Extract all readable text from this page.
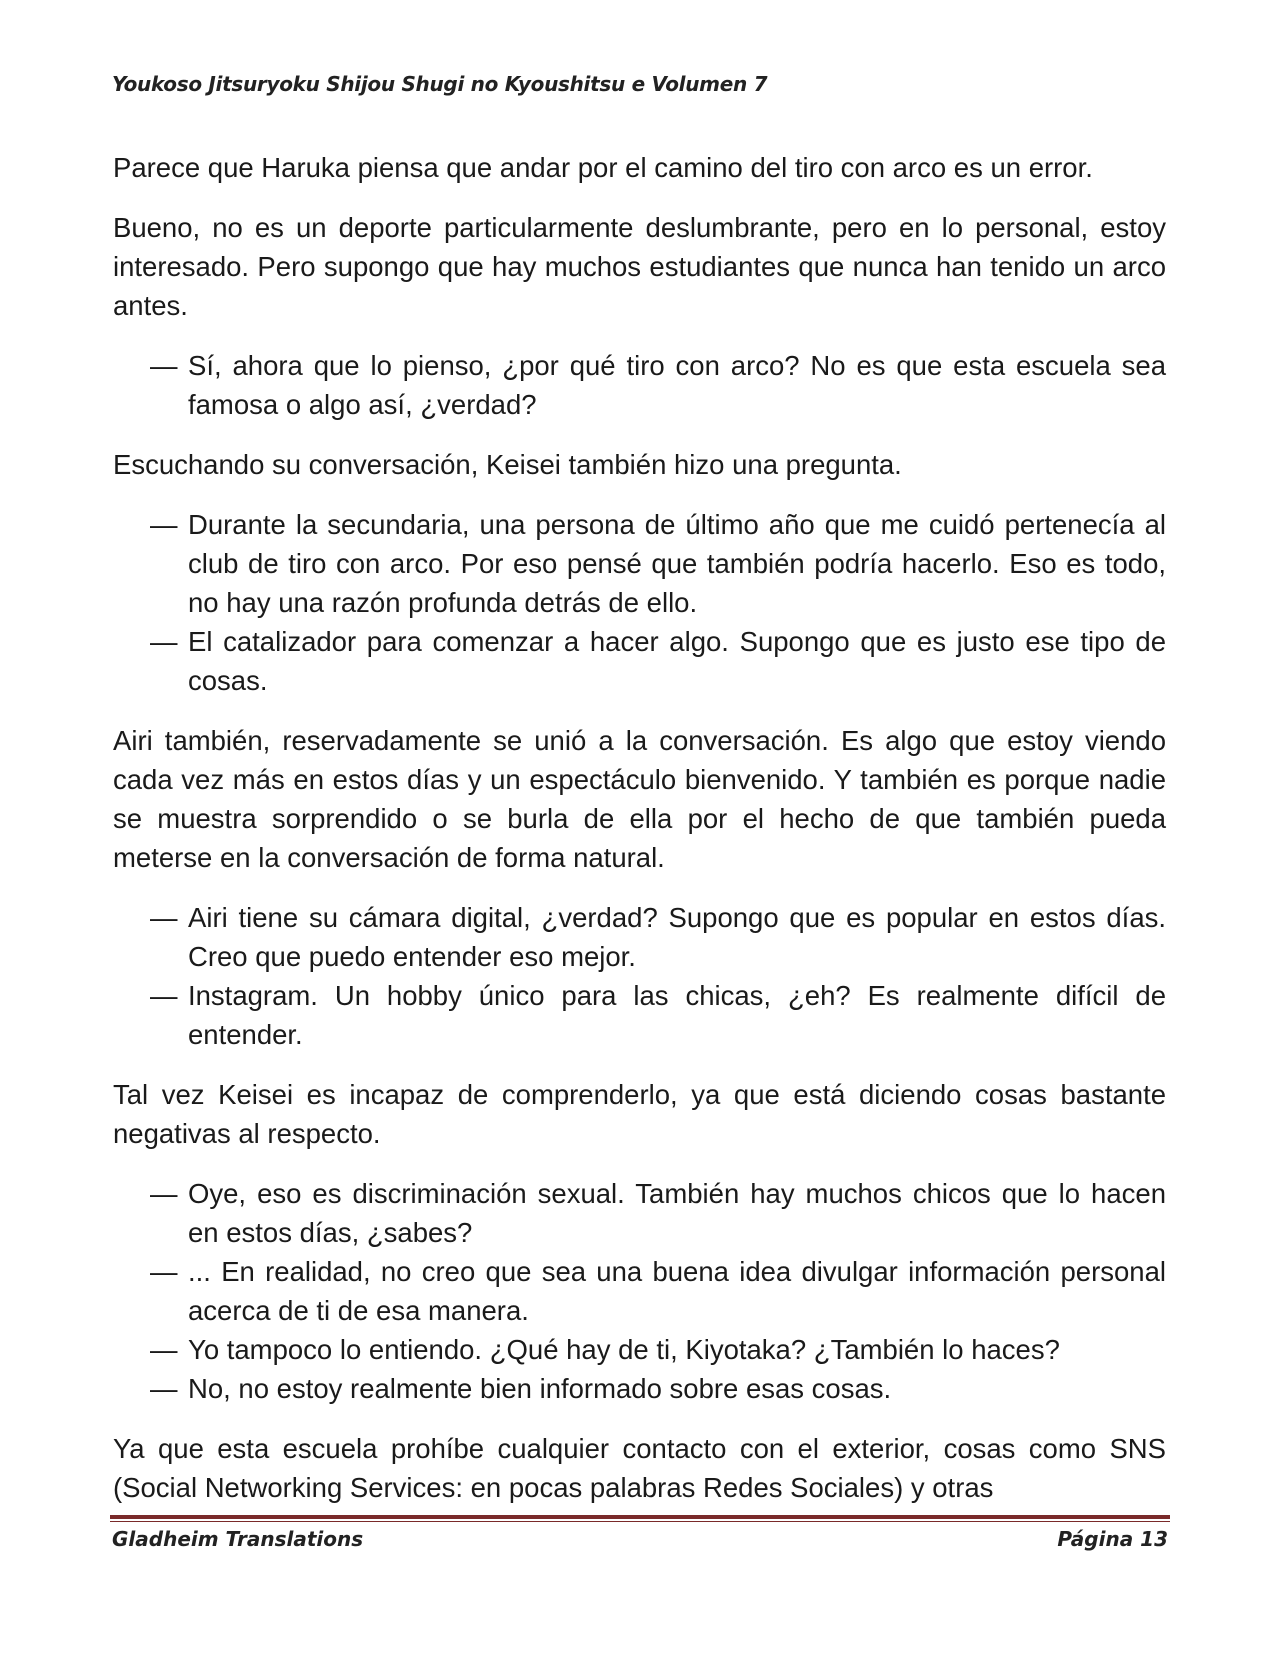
Youkoso Jitsuryoku Shijou Shugi no Kyoushitsu e Volumen 7

Parece que Haruka piensa que andar por el camino del tiro con arco es un error.

Bueno, no es un deporte particularmente deslumbrante, pero en lo personal, estoy interesado. Pero supongo que hay muchos estudiantes que nunca han tenido un arco antes.

— Sí, ahora que lo pienso, ¿por qué tiro con arco? No es que esta escuela sea famosa o algo así, ¿verdad?

Escuchando su conversación, Keisei también hizo una pregunta.

— Durante la secundaria, una persona de último año que me cuidó pertenecía al club de tiro con arco. Por eso pensé que también podría hacerlo. Eso es todo, no hay una razón profunda detrás de ello.
— El catalizador para comenzar a hacer algo. Supongo que es justo ese tipo de cosas.

Airi también, reservadamente se unió a la conversación. Es algo que estoy viendo cada vez más en estos días y un espectáculo bienvenido. Y también es porque nadie se muestra sorprendido o se burla de ella por el hecho de que también pueda meterse en la conversación de forma natural.

— Airi tiene su cámara digital, ¿verdad? Supongo que es popular en estos días. Creo que puedo entender eso mejor.
— Instagram. Un hobby único para las chicas, ¿eh? Es realmente difícil de entender.

Tal vez Keisei es incapaz de comprenderlo, ya que está diciendo cosas bastante negativas al respecto.

— Oye, eso es discriminación sexual. También hay muchos chicos que lo hacen en estos días, ¿sabes?
— ... En realidad, no creo que sea una buena idea divulgar información personal acerca de ti de esa manera.
— Yo tampoco lo entiendo. ¿Qué hay de ti, Kiyotaka? ¿También lo haces?
— No, no estoy realmente bien informado sobre esas cosas.

Ya que esta escuela prohíbe cualquier contacto con el exterior, cosas como SNS (Social Networking Services: en pocas palabras Redes Sociales) y otras

Gladheim Translations	Página 13
